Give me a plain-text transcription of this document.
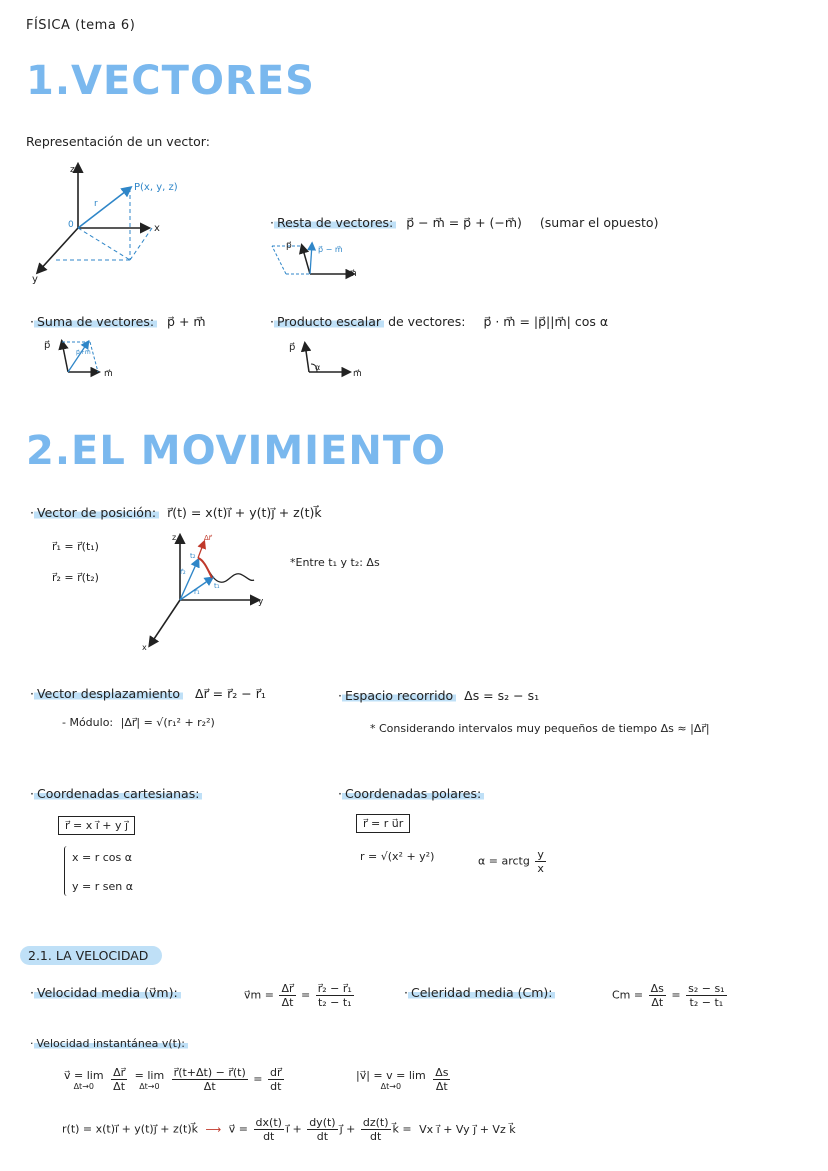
FÍSICA (tema 6)
1.VECTORES
Representación de un vector:
z
x
y
0
P(x, y, z)
r
· Resta de vectores: p⃗ − m⃗ = p⃗ + (−m⃗) (sumar el opuesto)
p⃗	p⃗ − m⃗
m⃗
· Suma de vectores: p⃗ + m⃗
p⃗
m⃗
p⃗+m⃗
· Producto escalar de vectores: p⃗ · m⃗ = |p⃗||m⃗| cos α
p⃗
m⃗
α
2.EL MOVIMIENTO
· Vector de posición: r⃗(t) = x(t)i⃗ + y(t)j⃗ + z(t)k⃗
r⃗₁ = r⃗(t₁)
r⃗₂ = r⃗(t₂)
z
y
x
r⃗₂
r⃗₁
Δr⃗
t₂
t₁
*Entre t₁ y t₂: Δs
· Vector desplazamiento Δr⃗ = r⃗₂ − r⃗₁
- Módulo: |Δr⃗| = √(r₁² + r₂²)
· Espacio recorrido Δs = s₂ − s₁
* Considerando intervalos muy pequeños de tiempo Δs ≈ |Δr⃗|
· Coordenadas cartesianas:
r⃗ = x i⃗ + y j⃗
x = r cos α
y = r sen α
· Coordenadas polares:
r⃗ = r u⃗r
r = √(x² + y²)	α = arctg $\frac{y}{x}$
2.1. LA VELOCIDAD
· Velocidad media (v⃗m):	v⃗m = $\frac{\Delta r⃗}{\Delta t} = \frac{\text{r⃗₂ − r⃗₁}}{\text{t₂ − t₁}}$	· Celeridad media (Cm):	$Cm = \frac{\Delta s}{\Delta t} = \frac{\text{s₂ − s₁}}{\text{t₂ − t₁}}$
· Velocidad instantánea v(t):
v⃗ = lim
Δt→0
$\frac{\Delta r⃗}{\Delta t}$
= lim
Δt→0
$\frac{r⃗(t+\Delta t) - r⃗(t)}{\Delta t} = \frac{dr⃗}{dt}$	|v⃗| = v = lim
Δt→0
	$\frac{\Delta s}{\Delta t}$
r(t) = x(t)i⃗ + y(t)j⃗ + z(t)k⃗ ⟶ v⃗ = $\frac{dx(t)}{dt}$ i⃗ + $\frac{dy(t)}{dt}$ j⃗ + $\frac{dz(t)}{dt}$ k⃗ = Vx i⃗ + Vy j⃗ + Vz k⃗
